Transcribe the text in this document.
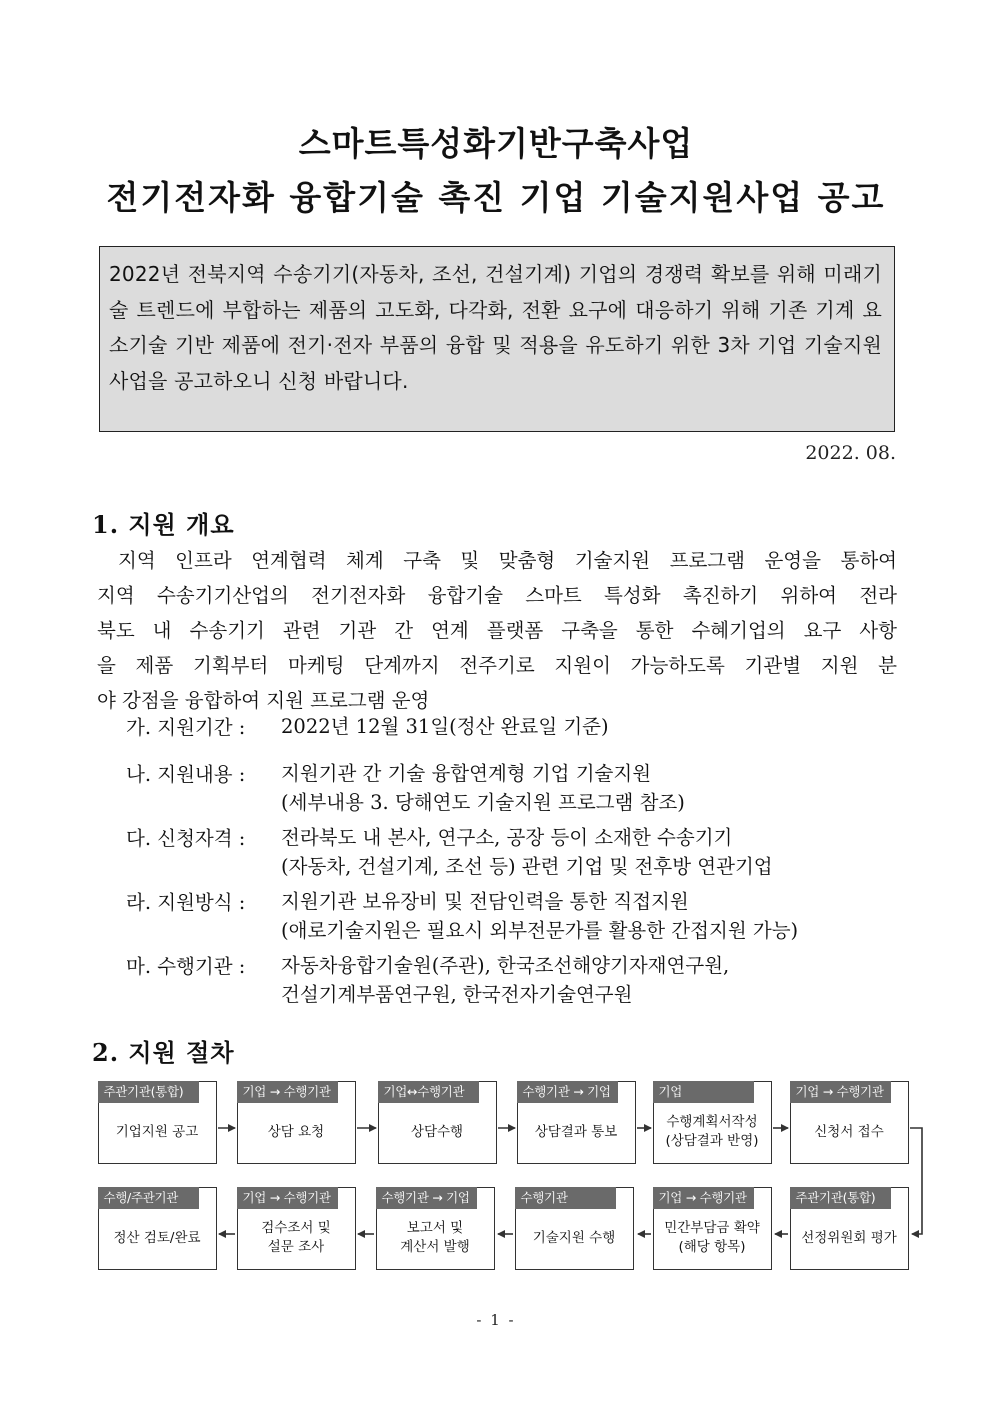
스마트특성화기반구축사업
전기전자화 융합기술 촉진 기업 기술지원사업 공고
2022년 전북지역 수송기기(자동차, 조선, 건설기계) 기업의 경쟁력 확보를 위해 미래기술 트렌드에 부합하는 제품의 고도화, 다각화, 전환 요구에 대응하기 위해 기존 기계 요소기술 기반 제품에 전기·전자 부품의 융합 및 적용을 유도하기 위한 3차 기업 기술지원사업을 공고하오니 신청 바랍니다.
2022. 08.
1. 지원 개요
지역 인프라 연계협력 체계 구축 및 맞춤형 기술지원 프로그램 운영을 통하여
지역 수송기기산업의 전기전자화 융합기술 스마트 특성화 촉진하기 위하여 전라
북도 내 수송기기 관련 기관 간 연계 플랫폼 구축을 통한 수혜기업의 요구 사항
을 제품 기획부터 마케팅 단계까지 전주기로 지원이 가능하도록 기관별 지원 분
야 강점을 융합하여 지원 프로그램 운영
가. 지원기간 : 2022년 12월 31일(정산 완료일 기준)
나. 지원내용 : 지원기관 간 기술 융합연계형 기업 기술지원
(세부내용 3. 당해연도 기술지원 프로그램 참조)
다. 신청자격 : 전라북도 내 본사, 연구소, 공장 등이 소재한 수송기기
(자동차, 건설기계, 조선 등) 관련 기업 및 전후방 연관기업
라. 지원방식 : 지원기관 보유장비 및 전담인력을 통한 직접지원
(애로기술지원은 필요시 외부전문가를 활용한 간접지원 가능)
마. 수행기관 : 자동차융합기술원(주관), 한국조선해양기자재연구원,
건설기계부품연구원, 한국전자기술연구원
2. 지원 절차
주관기관(통합)
기업지원 공고
기업 → 수행기관
상담 요청
기업↔수행기관
상담수행
수행기관 → 기업
상담결과 통보
기업
수행계획서작성
(상담결과 반영)
기업 → 수행기관
신청서 접수
수행/주관기관
정산 검토/완료
기업 → 수행기관
검수조서 및
설문 조사
수행기관 → 기업
보고서 및
계산서 발행
수행기관
기술지원 수행
기업 → 수행기관
민간부담금 확약
(해당 항목)
주관기관(통합)
선정위원회 평가
- 1 -
